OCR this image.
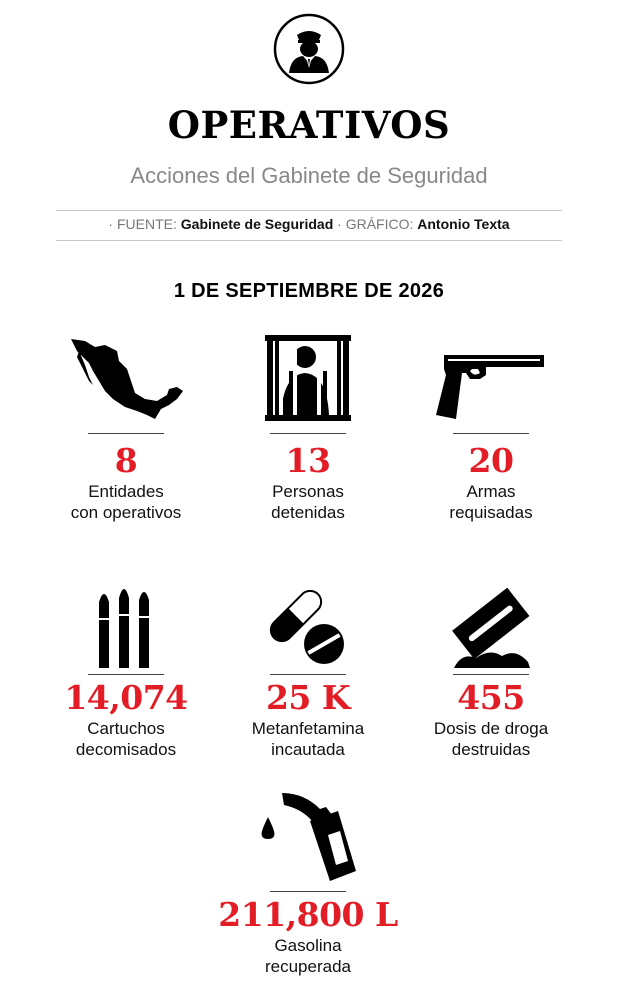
OPERATIVOS
Acciones del Gabinete de Seguridad
· FUENTE: Gabinete de Seguridad · GRÁFICO: Antonio Texta
1 DE SEPTIEMBRE DE 2026
8
Entidades
con operativos
13
Personas
detenidas
20
Armas
requisadas
14,074
Cartuchos
decomisados
25 K
Metanfetamina
incautada
455
Dosis de droga
destruidas
211,800 L
Gasolina
recuperada
